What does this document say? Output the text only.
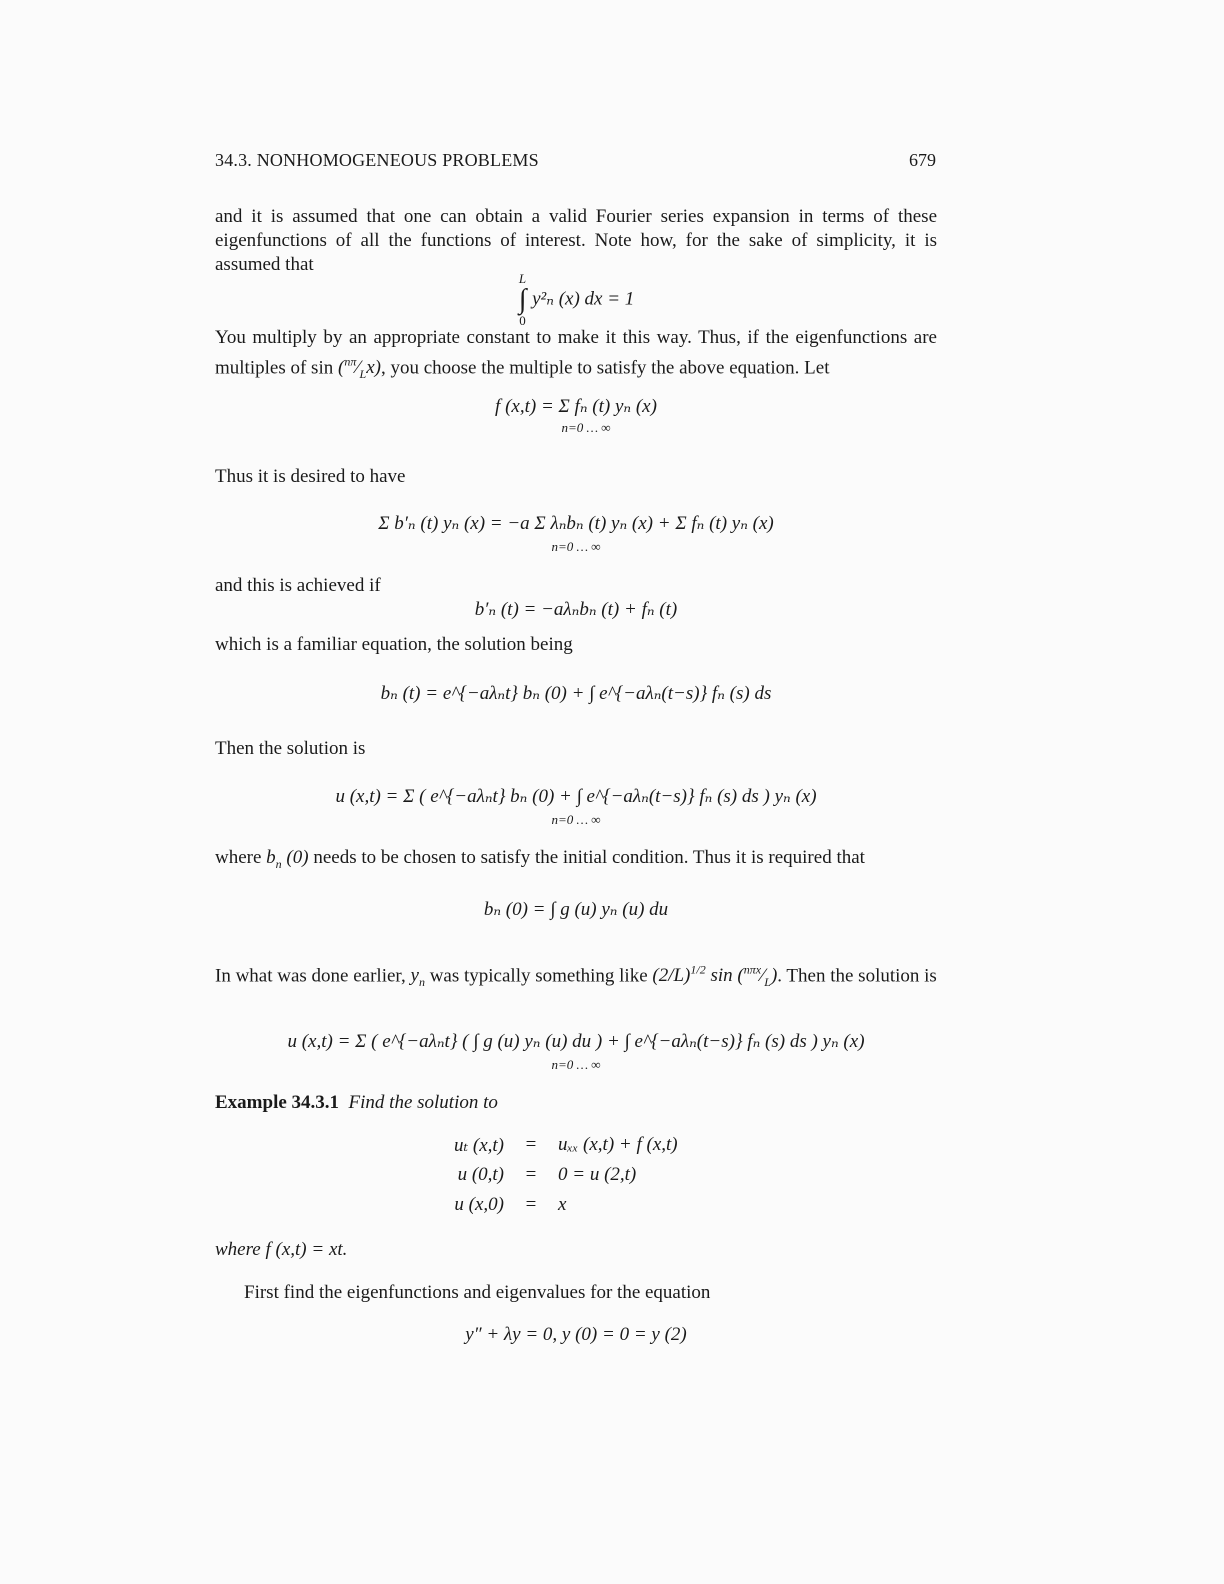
34.3. NONHOMOGENEOUS PROBLEMS	679
and it is assumed that one can obtain a valid Fourier series expansion in terms of these eigenfunctions of all the functions of interest. Note how, for the sake of simplicity, it is assumed that
L
∫
0
y²ₙ (x) dx = 1
You multiply by an appropriate constant to make it this way. Thus, if the eigenfunctions are multiples of $\sin (^{n\pi}⁄_Lx)$, you choose the multiple to satisfy the above equation. Let
f (x,t) = Σ fₙ (t) yₙ (x)
n=0 … ∞
Thus it is desired to have
Σ b′ₙ (t) yₙ (x) = −a Σ λₙbₙ (t) yₙ (x) + Σ fₙ (t) yₙ (x)
n=0 … ∞
and this is achieved if
b′ₙ (t) = −aλₙbₙ (t) + fₙ (t)
which is a familiar equation, the solution being
bₙ (t) = e^{−aλₙt} bₙ (0) + ∫ e^{−aλₙ(t−s)} fₙ (s) ds
Then the solution is
u (x,t) = Σ ( e^{−aλₙt} bₙ (0) + ∫ e^{−aλₙ(t−s)} fₙ (s) ds ) yₙ (x)
n=0 … ∞
where $b_n$ (0) needs to be chosen to satisfy the initial condition. Thus it is required that
bₙ (0) = ∫ g (u) yₙ (u) du
In what was done earlier, $y_n$ was typically something like $(2/L)^{1/2}$ $\sin (^{n\pi x}⁄_L)$. Then the solution is
u (x,t) = Σ ( e^{−aλₙt} ( ∫ g (u) yₙ (u) du ) + ∫ e^{−aλₙ(t−s)} fₙ (s) ds ) yₙ (x)
n=0 … ∞
Example 34.3.1 Find the solution to
uₜ (x,t)	=	uₓₓ (x,t) + f (x,t)
u (0,t)	=	0 = u (2,t)
u (x,0)	=	x
where f (x,t) = xt.
First find the eigenfunctions and eigenvalues for the equation
y″ + λy = 0, y (0) = 0 = y (2)
